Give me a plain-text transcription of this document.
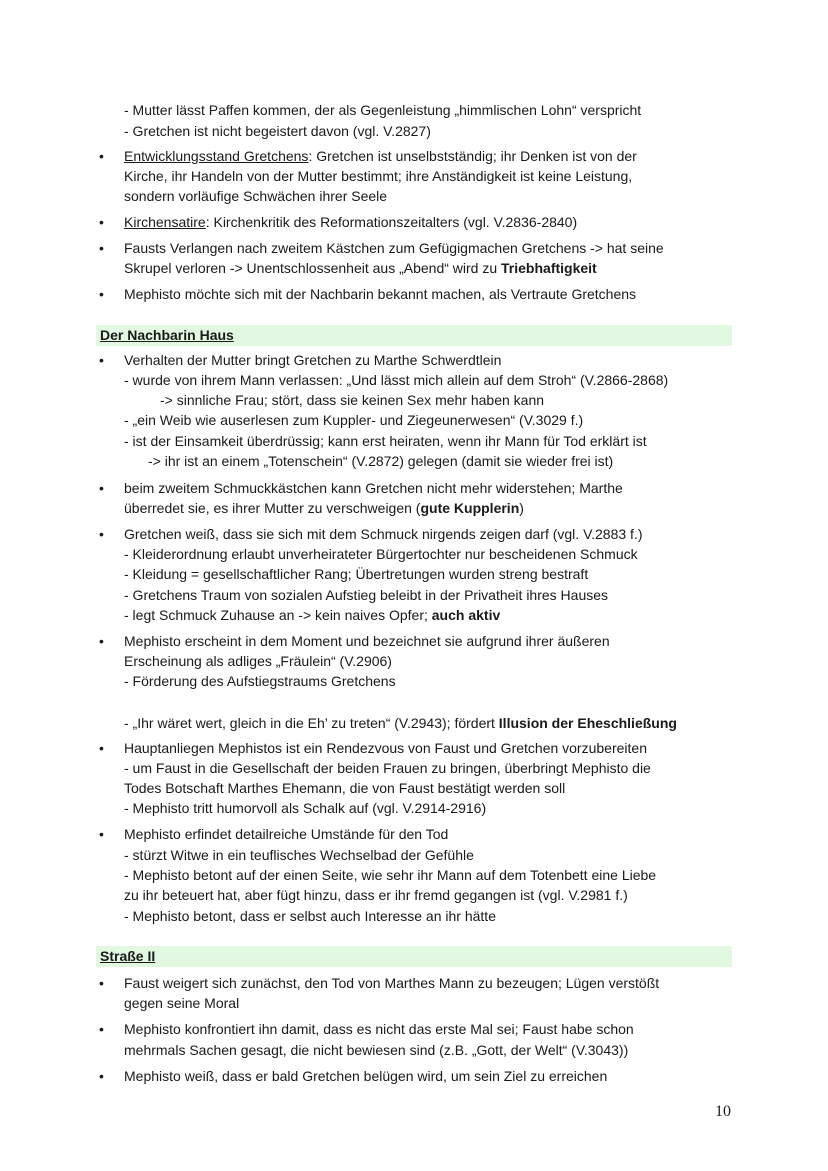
- Mutter lässt Paffen kommen, der als Gegenleistung „himmlischen Lohn“ verspricht
- Gretchen ist nicht begeistert davon (vgl. V.2827)
• Entwicklungsstand Gretchens: Gretchen ist unselbstständig; ihr Denken ist von der
Kirche, ihr Handeln von der Mutter bestimmt; ihre Anständigkeit ist keine Leistung,
sondern vorläufige Schwächen ihrer Seele
• Kirchensatire: Kirchenkritik des Reformationszeitalters (vgl. V.2836-2840)
• Fausts Verlangen nach zweitem Kästchen zum Gefügigmachen Gretchens -> hat seine
Skrupel verloren -> Unentschlossenheit aus „Abend“ wird zu Triebhaftigkeit
• Mephisto möchte sich mit der Nachbarin bekannt machen, als Vertraute Gretchens
Der Nachbarin Haus
• Verhalten der Mutter bringt Gretchen zu Marthe Schwerdtlein
- wurde von ihrem Mann verlassen: „Und lässt mich allein auf dem Stroh“ (V.2866-2868)
-> sinnliche Frau; stört, dass sie keinen Sex mehr haben kann
- „ein Weib wie auserlesen zum Kuppler- und Ziegeunerwesen“ (V.3029 f.)
- ist der Einsamkeit überdrüssig; kann erst heiraten, wenn ihr Mann für Tod erklärt ist
-> ihr ist an einem „Totenschein“ (V.2872) gelegen (damit sie wieder frei ist)
• beim zweitem Schmuckkästchen kann Gretchen nicht mehr widerstehen; Marthe
überredet sie, es ihrer Mutter zu verschweigen (gute Kupplerin)
• Gretchen weiß, dass sie sich mit dem Schmuck nirgends zeigen darf (vgl. V.2883 f.)
- Kleiderordnung erlaubt unverheirateter Bürgertochter nur bescheidenen Schmuck
- Kleidung = gesellschaftlicher Rang; Übertretungen wurden streng bestraft
- Gretchens Traum von sozialen Aufstieg beleibt in der Privatheit ihres Hauses
- legt Schmuck Zuhause an -> kein naives Opfer; auch aktiv
• Mephisto erscheint in dem Moment und bezeichnet sie aufgrund ihrer äußeren
Erscheinung als adliges „Fräulein“ (V.2906)
- Förderung des Aufstiegstraums Gretchens
- „Ihr wäret wert, gleich in die Eh’ zu treten“ (V.2943); fördert Illusion der Eheschließung
• Hauptanliegen Mephistos ist ein Rendezvous von Faust und Gretchen vorzubereiten
- um Faust in die Gesellschaft der beiden Frauen zu bringen, überbringt Mephisto die
Todes Botschaft Marthes Ehemann, die von Faust bestätigt werden soll
- Mephisto tritt humorvoll als Schalk auf (vgl. V.2914-2916)
• Mephisto erfindet detailreiche Umstände für den Tod
- stürzt Witwe in ein teuflisches Wechselbad der Gefühle
- Mephisto betont auf der einen Seite, wie sehr ihr Mann auf dem Totenbett eine Liebe
zu ihr beteuert hat, aber fügt hinzu, dass er ihr fremd gegangen ist (vgl. V.2981 f.)
- Mephisto betont, dass er selbst auch Interesse an ihr hätte
Straße II
• Faust weigert sich zunächst, den Tod von Marthes Mann zu bezeugen; Lügen verstößt
gegen seine Moral
• Mephisto konfrontiert ihn damit, dass es nicht das erste Mal sei; Faust habe schon
mehrmals Sachen gesagt, die nicht bewiesen sind (z.B. „Gott, der Welt“ (V.3043))
• Mephisto weiß, dass er bald Gretchen belügen wird, um sein Ziel zu erreichen
10
